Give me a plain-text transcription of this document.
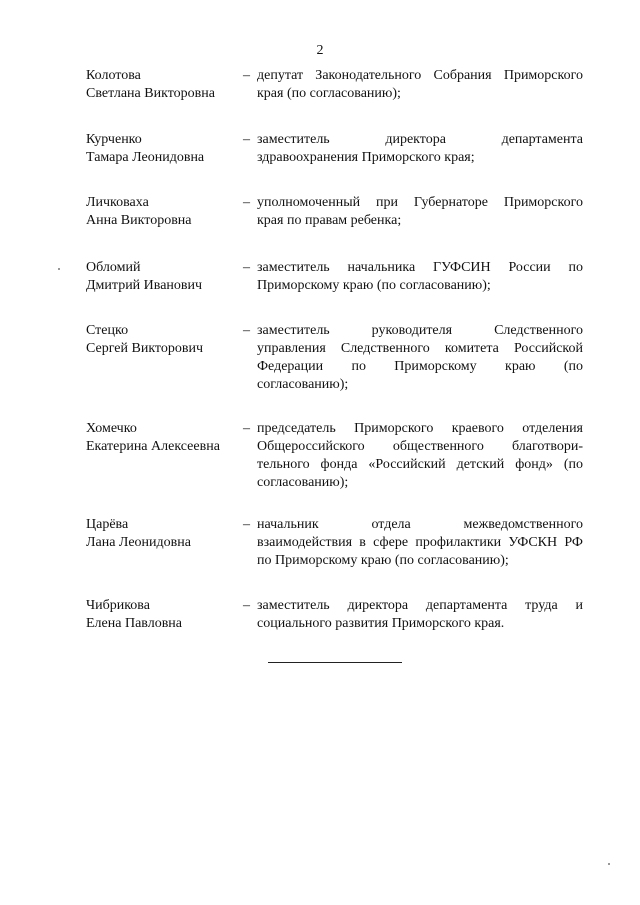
2
Колотова
Светлана Викторовна
– депутат Законодательного Собрания Приморского
края (по согласованию);
Курченко
Тамара Леонидовна
– заместитель директора департамента
здравоохранения Приморского края;
Личковаха
Анна Викторовна
– уполномоченный при Губернаторе Приморского
края по правам ребенка;
Обломий
Дмитрий Иванович
– заместитель начальника ГУФСИН России по
Приморскому краю (по согласованию);
Стецко
Сергей Викторович
– заместитель руководителя Следственного
управления Следственного комитета Российской
Федерации по Приморскому краю (по
согласованию);
Хомечко
Екатерина Алексеевна
– председатель Приморского краевого отделения
Общероссийского общественного благотвори-
тельного фонда «Российский детский фонд» (по
согласованию);
Царёва
Лана Леонидовна
– начальник отдела межведомственного
взаимодействия в сфере профилактики УФСКН РФ
по Приморскому краю (по согласованию);
Чибрикова
Елена Павловна
– заместитель директора департамента труда и
социального развития Приморского края.
